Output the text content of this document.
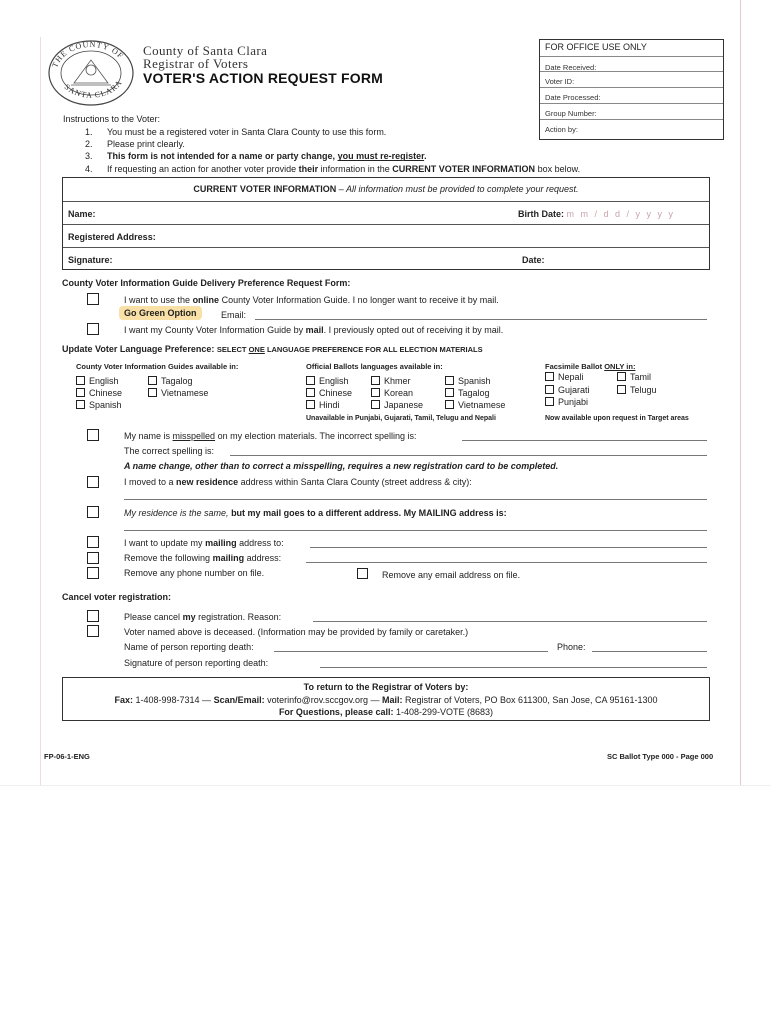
THE COUNTY OF
SANTA CLARA
County of Santa Clara
Registrar of Voters
VOTER'S ACTION REQUEST FORM
FOR OFFICE USE ONLY
Date Received:
Voter ID:
Date Processed:
Group Number:
Action by:
Instructions to the Voter:
1. You must be a registered voter in Santa Clara County to use this form.
2. Please print clearly.
3. This form is not intended for a name or party change, you must re-register.
4. If requesting an action for another voter provide their information in the CURRENT VOTER INFORMATION box below.
CURRENT VOTER INFORMATION – All information must be provided to complete your request.
Name:	Birth Date: m m / d d / y y y y
Registered Address:
Signature:	Date:
County Voter Information Guide Delivery Preference Request Form:
I want to use the online County Voter Information Guide. I no longer want to receive it by mail.
Go Green Option	Email:
I want my County Voter Information Guide by mail. I previously opted out of receiving it by mail.
Update Voter Language Preference: SELECT ONE LANGUAGE PREFERENCE FOR ALL ELECTION MATERIALS
County Voter Information Guides available in:
English	Tagalog
Chinese	Vietnamese
Spanish
Official Ballots languages available in:
English	Khmer	Spanish
Chinese	Korean	Tagalog
Hindi	Japanese	Vietnamese
Unavailable in Punjabi, Gujarati, Tamil, Telugu and Nepali
Facsimile Ballot ONLY in:
Nepali	Tamil
Gujarati	Telugu
Punjabi
Now available upon request in Target areas
My name is misspelled on my election materials. The incorrect spelling is:
The correct spelling is:
A name change, other than to correct a misspelling, requires a new registration card to be completed.
I moved to a new residence address within Santa Clara County (street address & city):
My residence is the same, but my mail goes to a different address. My MAILING address is:
I want to update my mailing address to:
Remove the following mailing address:
Remove any phone number on file.	Remove any email address on file.
Cancel voter registration:
Please cancel my registration. Reason:
Voter named above is deceased. (Information may be provided by family or caretaker.)
Name of person reporting death:	Phone:
Signature of person reporting death:
To return to the Registrar of Voters by:
Fax: 1-408-998-7314 — Scan/Email: voterinfo@rov.sccgov.org — Mail: Registrar of Voters, PO Box 611300, San Jose, CA 95161-1300
For Questions, please call: 1-408-299-VOTE (8683)
FP-06-1-ENG	SC Ballot Type 000 - Page 000
